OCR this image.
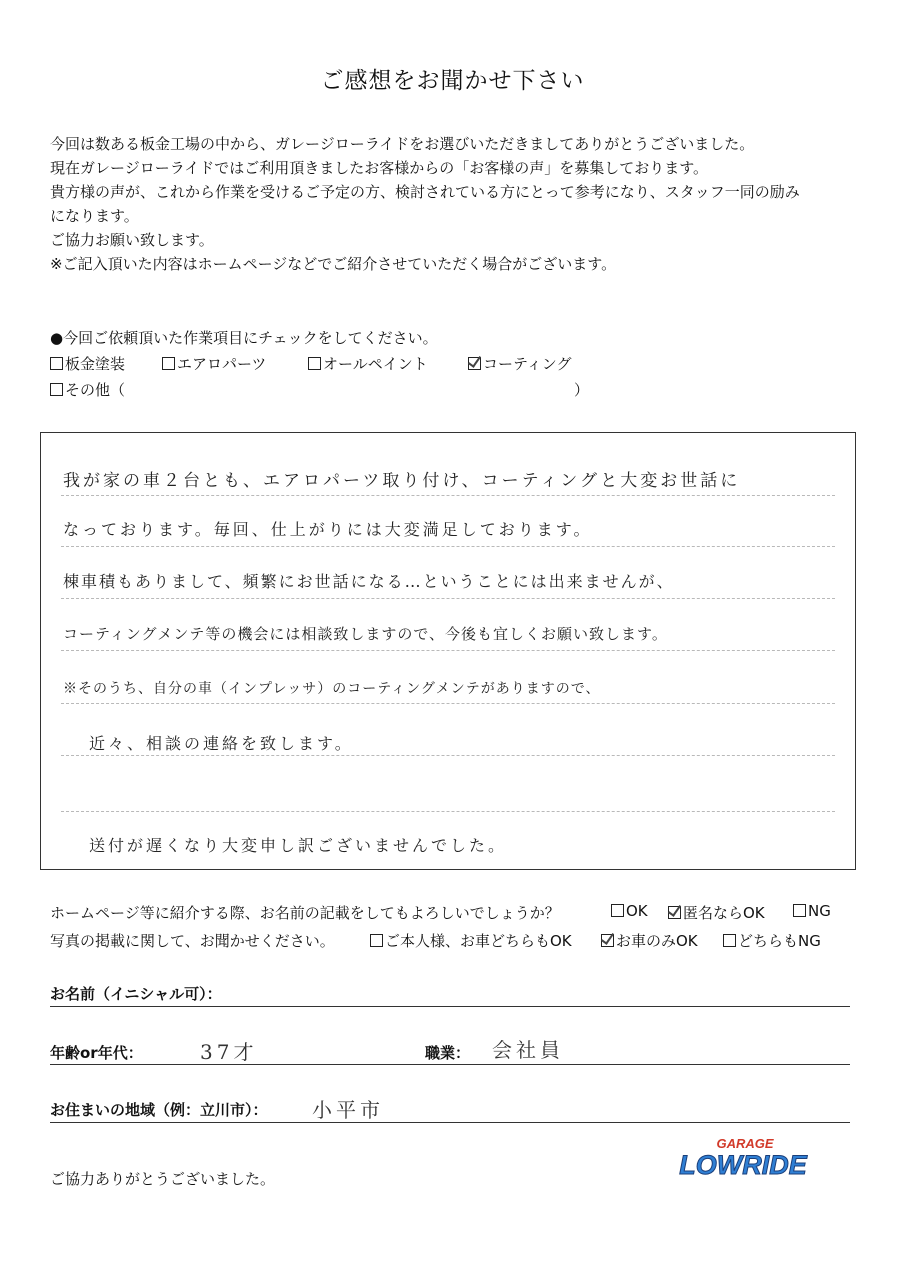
ご感想をお聞かせ下さい
今回は数ある板金工場の中から、ガレージローライドをお選びいただきましてありがとうございました。
現在ガレージローライドではご利用頂きましたお客様からの「お客様の声」を募集しております。
貴方様の声が、これから作業を受けるご予定の方、検討されている方にとって参考になり、スタッフ一同の励み
になります。
ご協力お願い致します。
※ご記入頂いた内容はホームページなどでご紹介させていただく場合がございます。
●今回ご依頼頂いた作業項目にチェックをしてください。
板金塗装	エアロパーツ	オールペイント	コーティング
その他（	）
我が家の車２台とも、エアロパーツ取り付け、コーティングと大変お世話に
なっております。毎回、仕上がりには大変満足しております。
棟車積もありまして、頻繁にお世話になる…ということには出来ませんが、
コーティングメンテ等の機会には相談致しますので、今後も宜しくお願い致します。
※そのうち、自分の車（インプレッサ）のコーティングメンテがありますので、
近々、相談の連絡を致します。
送付が遅くなり大変申し訳ございませんでした。
ホームページ等に紹介する際、お名前の記載をしてもよろしいでしょうか？	OK	匿名ならOK	NG
写真の掲載に関して、お聞かせください。	ご本人様、お車どちらもOK	お車のみOK	どちらもNG
お名前（イニシャル可）：
年齢or年代：	37才	職業： 会社員
お住まいの地域（例：立川市）： 小平市
GARAGE
LOWRIDE
ご協力ありがとうございました。
